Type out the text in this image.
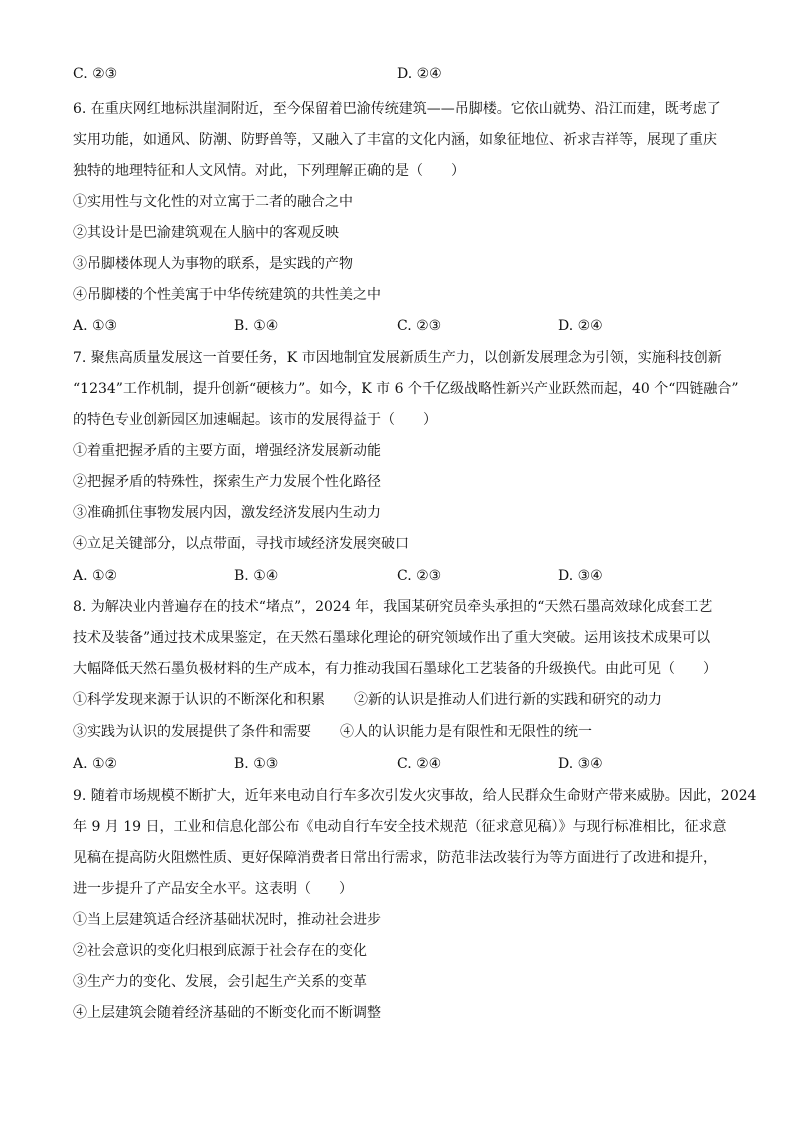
C. ②③	D. ②④
6. 在重庆网红地标洪崖洞附近，至今保留着巴渝传统建筑——吊脚楼。它依山就势、沿江而建，既考虑了
实用功能，如通风、防潮、防野兽等，又融入了丰富的文化内涵，如象征地位、祈求吉祥等，展现了重庆
独特的地理特征和人文风情。对此，下列理解正确的是（　　）
①实用性与文化性的对立寓于二者的融合之中
②其设计是巴渝建筑观在人脑中的客观反映
③吊脚楼体现人为事物的联系，是实践的产物
④吊脚楼的个性美寓于中华传统建筑的共性美之中
A. ①③	B. ①④	C. ②③	D. ②④
7. 聚焦高质量发展这一首要任务，K 市因地制宜发展新质生产力，以创新发展理念为引领，实施科技创新
“1234”工作机制，提升创新“硬核力”。如今，K 市 6 个千亿级战略性新兴产业跃然而起，40 个“四链融合”
的特色专业创新园区加速崛起。该市的发展得益于（　　）
①着重把握矛盾的主要方面，增强经济发展新动能
②把握矛盾的特殊性，探索生产力发展个性化路径
③准确抓住事物发展内因，激发经济发展内生动力
④立足关键部分，以点带面，寻找市域经济发展突破口
A. ①②	B. ①④	C. ②③	D. ③④
8. 为解决业内普遍存在的技术“堵点”，2024 年，我国某研究员牵头承担的“天然石墨高效球化成套工艺
技术及装备”通过技术成果鉴定，在天然石墨球化理论的研究领域作出了重大突破。运用该技术成果可以
大幅降低天然石墨负极材料的生产成本，有力推动我国石墨球化工艺装备的升级换代。由此可见（　　）
①科学发现来源于认识的不断深化和积累 ②新的认识是推动人们进行新的实践和研究的动力
③实践为认识的发展提供了条件和需要 ④人的认识能力是有限性和无限性的统一
A. ①②	B. ①③	C. ②④	D. ③④
9. 随着市场规模不断扩大，近年来电动自行车多次引发火灾事故，给人民群众生命财产带来威胁。因此，2024
年 9 月 19 日，工业和信息化部公布《电动自行车安全技术规范（征求意见稿）》与现行标准相比，征求意
见稿在提高防火阻燃性质、更好保障消费者日常出行需求，防范非法改装行为等方面进行了改进和提升，
进一步提升了产品安全水平。这表明（　　）
①当上层建筑适合经济基础状况时，推动社会进步
②社会意识的变化归根到底源于社会存在的变化
③生产力的变化、发展，会引起生产关系的变革
④上层建筑会随着经济基础的不断变化而不断调整
